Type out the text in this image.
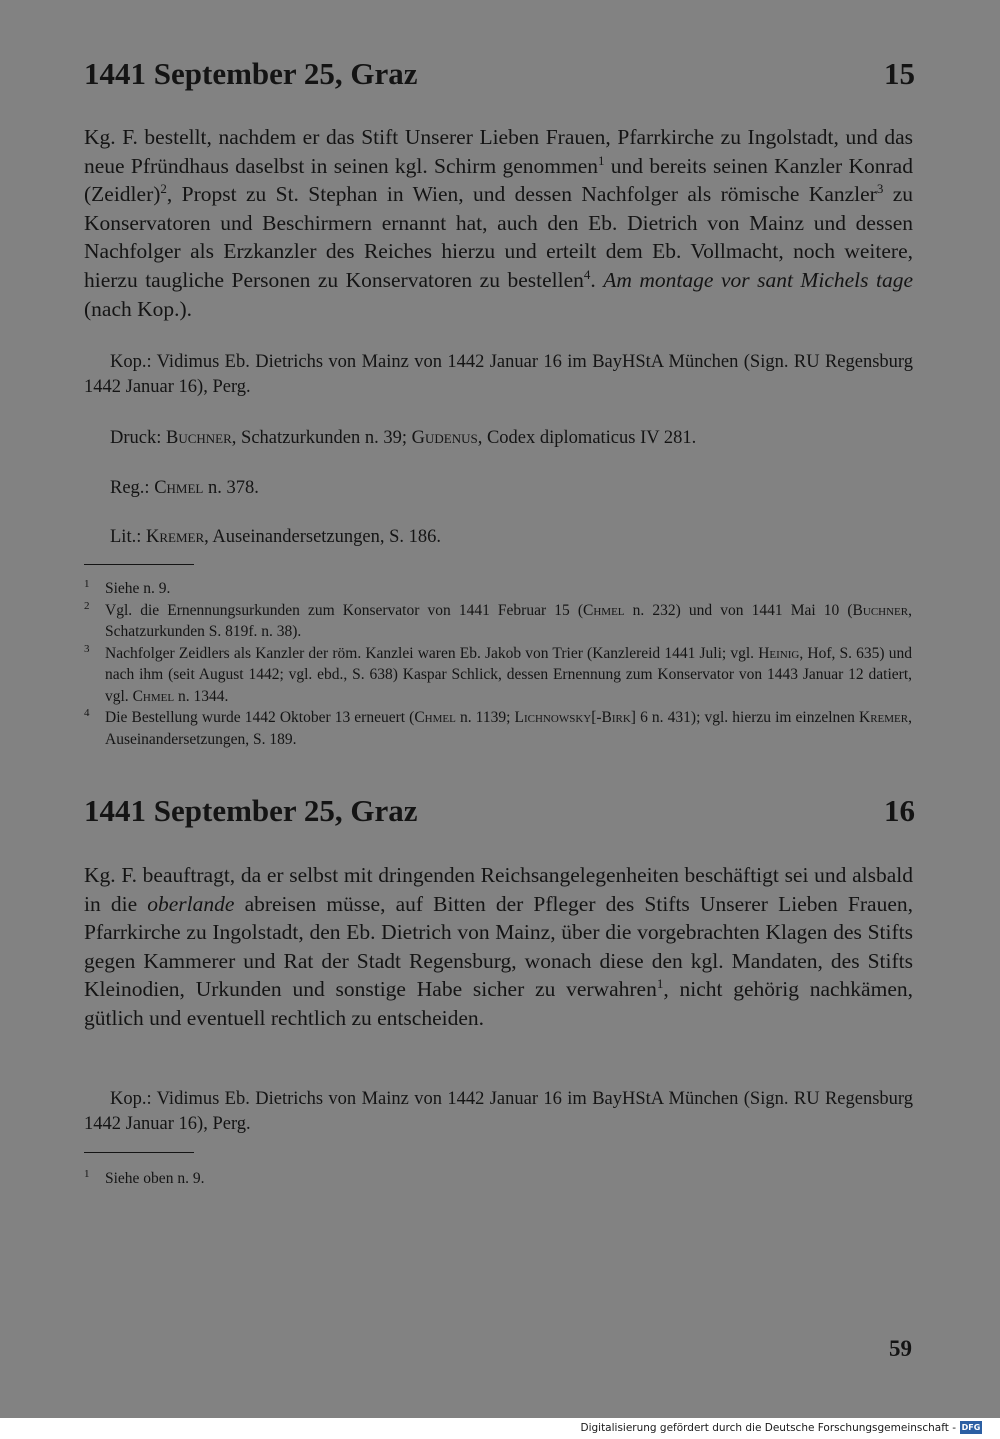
1441 September 25, Graz	15

Kg. F. bestellt, nachdem er das Stift Unserer Lieben Frauen, Pfarrkirche zu Ingolstadt, und das neue Pfründhaus daselbst in seinen kgl. Schirm genommen$^1$ und bereits seinen Kanzler Konrad (Zeidler)$^2$, Propst zu St. Stephan in Wien, und dessen Nachfolger als römische Kanzler$^3$ zu Konservatoren und Beschirmern ernannt hat, auch den Eb. Dietrich von Mainz und dessen Nachfolger als Erzkanzler des Reiches hierzu und erteilt dem Eb. Vollmacht, noch weitere, hierzu taugliche Personen zu Konservatoren zu bestellen$^4$. Am montage vor sant Michels tage (nach Kop.).

Kop.: Vidimus Eb. Dietrichs von Mainz von 1442 Januar 16 im BayHStA München (Sign. RU Regensburg 1442 Januar 16), Perg.

Druck: Buchner, Schatzurkunden n. 39; Gudenus, Codex diplomaticus IV 281.
Reg.: Chmel n. 378.
Lit.: Kremer, Auseinandersetzungen, S. 186.
1 Siehe n. 9.
2 Vgl. die Ernennungsurkunden zum Konservator von 1441 Februar 15 (Chmel n. 232) und von 1441 Mai 10 (Buchner, Schatzurkunden S. 819f. n. 38).
3 Nachfolger Zeidlers als Kanzler der röm. Kanzlei waren Eb. Jakob von Trier (Kanzlereid 1441 Juli; vgl. Heinig, Hof, S. 635) und nach ihm (seit August 1442; vgl. ebd., S. 638) Kaspar Schlick, dessen Ernennung zum Konservator von 1443 Januar 12 datiert, vgl. Chmel n. 1344.
4 Die Bestellung wurde 1442 Oktober 13 erneuert (Chmel n. 1139; Lichnowsky[-Birk] 6 n. 431); vgl. hierzu im einzelnen Kremer, Auseinandersetzungen, S. 189.
1441 September 25, Graz	16

Kg. F. beauftragt, da er selbst mit dringenden Reichsangelegenheiten beschäftigt sei und alsbald in die oberlande abreisen müsse, auf Bitten der Pfleger des Stifts Unserer Lieben Frauen, Pfarrkirche zu Ingolstadt, den Eb. Dietrich von Mainz, über die vorgebrachten Klagen des Stifts gegen Kammerer und Rat der Stadt Regensburg, wonach diese den kgl. Mandaten, des Stifts Kleinodien, Urkunden und sonstige Habe sicher zu verwahren$^1$, nicht gehörig nachkämen, gütlich und eventuell rechtlich zu entscheiden.

Kop.: Vidimus Eb. Dietrichs von Mainz von 1442 Januar 16 im BayHStA München (Sign. RU Regensburg 1442 Januar 16), Perg.

1 Siehe oben n. 9.
59
Digitalisierung gefördert durch die Deutsche Forschungsgemeinschaft - DFG
